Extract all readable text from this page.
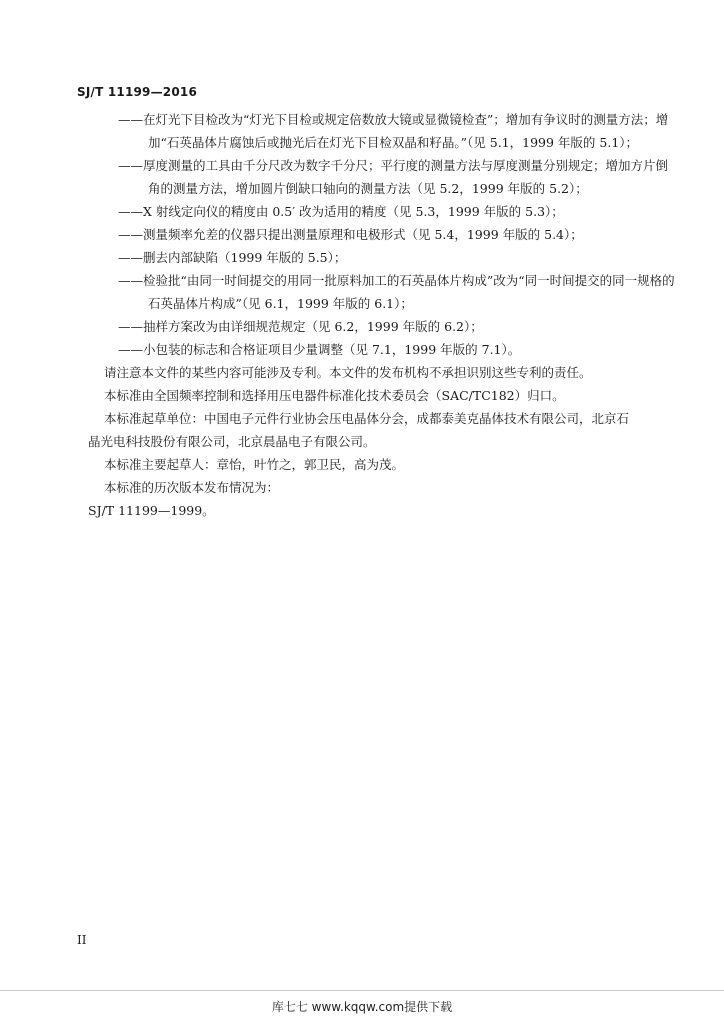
SJ/T 11199—2016

——在灯光下目检改为“灯光下目检或规定倍数放大镜或显微镜检查”；增加有争议时的测量方法；增加“石英晶体片腐蚀后或抛光后在灯光下目检双晶和籽晶。”（见 5.1，1999 年版的 5.1）；

——厚度测量的工具由千分尺改为数字千分尺；平行度的测量方法与厚度测量分别规定；增加方片倒角的测量方法，增加圆片倒缺口轴向的测量方法（见 5.2，1999 年版的 5.2）；

——X 射线定向仪的精度由 0.5′ 改为适用的精度（见 5.3，1999 年版的 5.3）；

——测量频率允差的仪器只提出测量原理和电极形式（见 5.4，1999 年版的 5.4）；

——删去内部缺陷（1999 年版的 5.5）；

——检验批“由同一时间提交的用同一批原料加工的石英晶体片构成”改为“同一时间提交的同一规格的石英晶体片构成”（见 6.1，1999 年版的 6.1）；

——抽样方案改为由详细规范规定（见 6.2，1999 年版的 6.2）；

——小包装的标志和合格证项目少量调整（见 7.1，1999 年版的 7.1）。

请注意本文件的某些内容可能涉及专利。本文件的发布机构不承担识别这些专利的责任。

本标准由全国频率控制和选择用压电器件标准化技术委员会（SAC/TC182）归口。

本标准起草单位：中国电子元件行业协会压电晶体分会，成都泰美克晶体技术有限公司，北京石
晶光电科技股份有限公司，北京晨晶电子有限公司。

本标准主要起草人：章怡，叶竹之，郭卫民，高为茂。

本标准的历次版本发布情况为：

SJ/T 11199—1999。
II
库七七 www.kqqw.com提供下载
